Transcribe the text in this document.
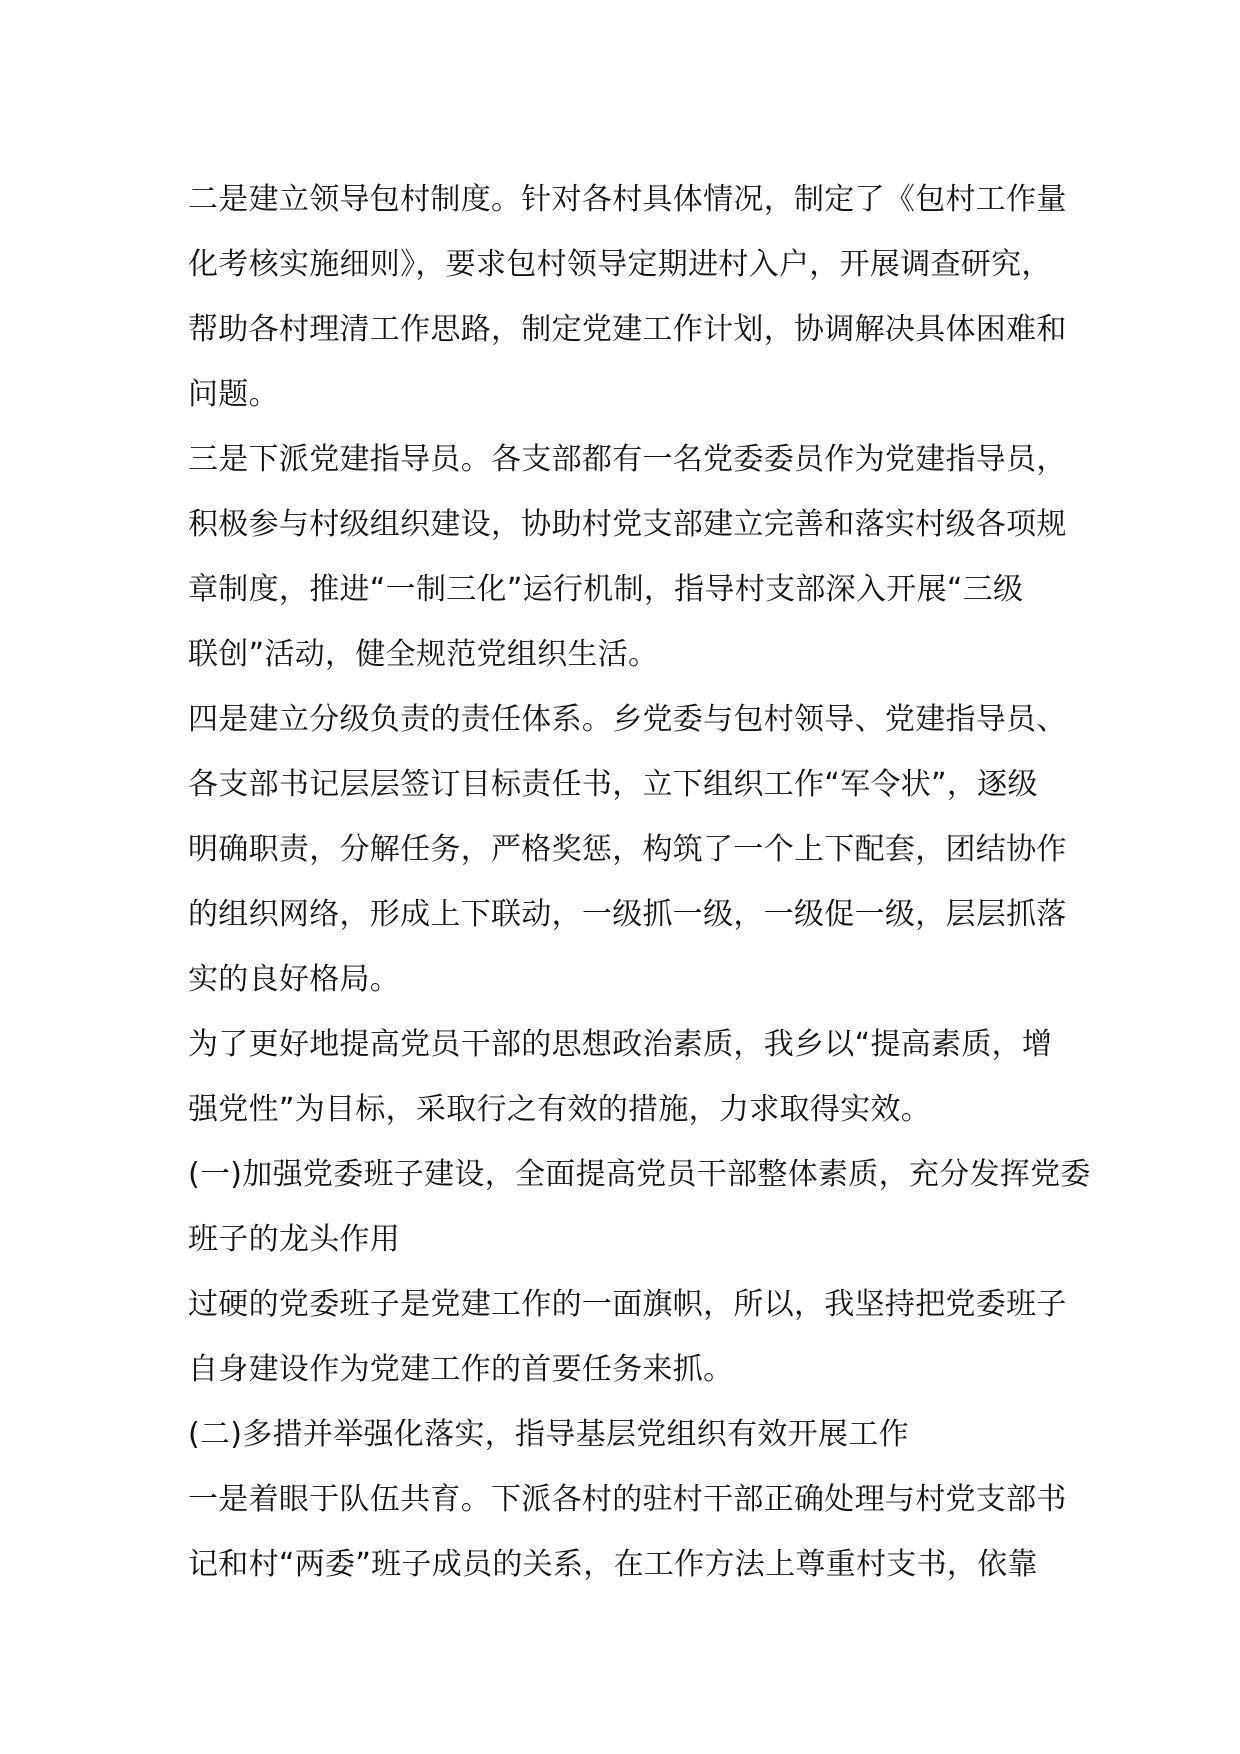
二是建立领导包村制度。针对各村具体情况，制定了《包村工作量
化考核实施细则》，要求包村领导定期进村入户，开展调查研究，
帮助各村理清工作思路，制定党建工作计划，协调解决具体困难和
问题。
三是下派党建指导员。各支部都有一名党委委员作为党建指导员，
积极参与村级组织建设，协助村党支部建立完善和落实村级各项规
章制度，推进“一制三化”运行机制，指导村支部深入开展“三级
联创”活动，健全规范党组织生活。
四是建立分级负责的责任体系。乡党委与包村领导、党建指导员、
各支部书记层层签订目标责任书，立下组织工作“军令状”，逐级
明确职责，分解任务，严格奖惩，构筑了一个上下配套，团结协作
的组织网络，形成上下联动，一级抓一级，一级促一级，层层抓落
实的良好格局。
为了更好地提高党员干部的思想政治素质，我乡以“提高素质，增
强党性”为目标，采取行之有效的措施，力求取得实效。
(一)加强党委班子建设，全面提高党员干部整体素质，充分发挥党委
班子的龙头作用
过硬的党委班子是党建工作的一面旗帜，所以，我坚持把党委班子
自身建设作为党建工作的首要任务来抓。
(二)多措并举强化落实，指导基层党组织有效开展工作
一是着眼于队伍共育。下派各村的驻村干部正确处理与村党支部书
记和村“两委”班子成员的关系，在工作方法上尊重村支书，依靠
